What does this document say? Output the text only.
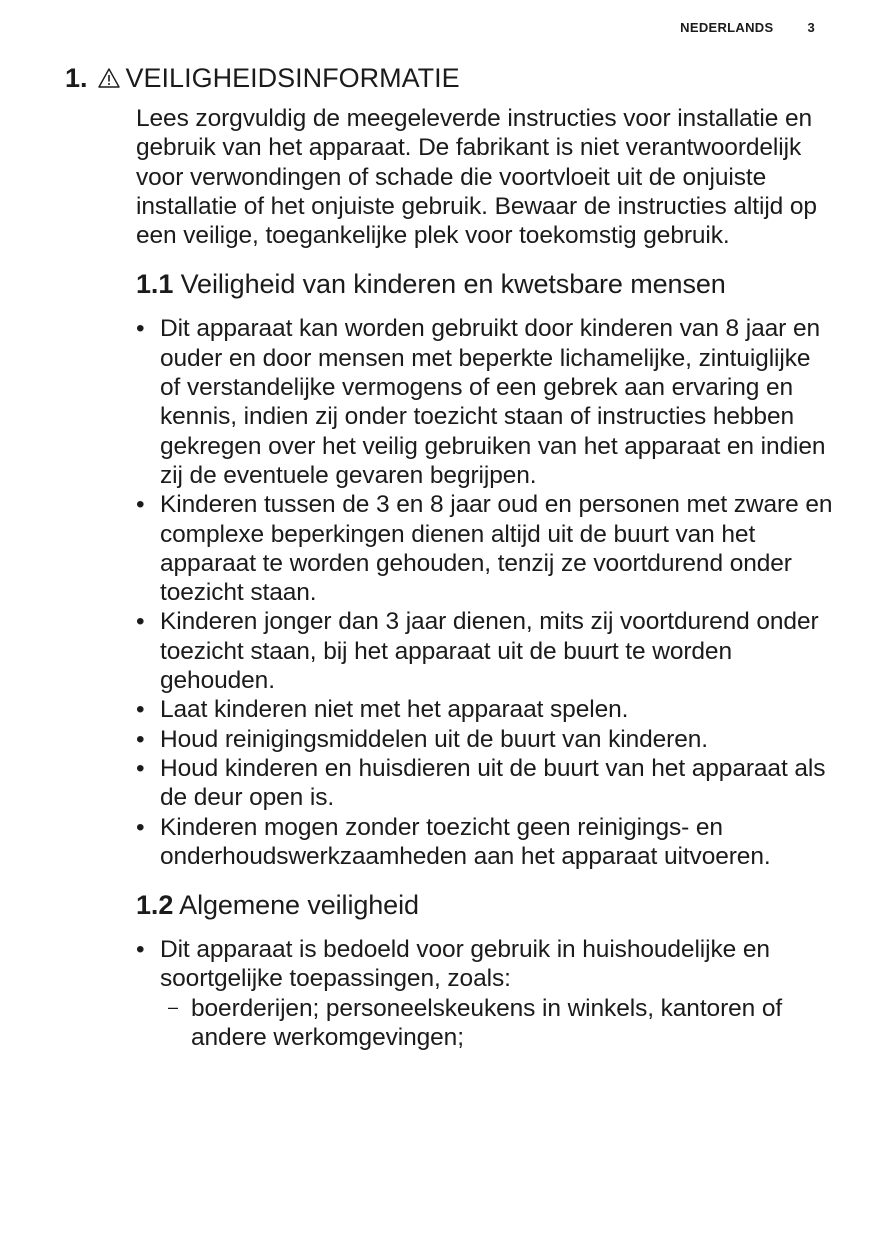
NEDERLANDS	3
1. VEILIGHEIDSINFORMATIE

Lees zorgvuldig de meegeleverde instructies voor installatie en gebruik van het apparaat. De fabrikant is niet verantwoordelijk voor verwondingen of schade die voortvloeit uit de onjuiste installatie of het onjuiste gebruik. Bewaar de instructies altijd op een veilige, toegankelijke plek voor toekomstig gebruik.

1.1 Veiligheid van kinderen en kwetsbare mensen
• Dit apparaat kan worden gebruikt door kinderen van 8 jaar en ouder en door mensen met beperkte lichamelijke, zintuiglijke of verstandelijke vermogens of een gebrek aan ervaring en kennis, indien zij onder toezicht staan of instructies hebben gekregen over het veilig gebruiken van het apparaat en indien zij de eventuele gevaren begrijpen.
• Kinderen tussen de 3 en 8 jaar oud en personen met zware en complexe beperkingen dienen altijd uit de buurt van het apparaat te worden gehouden, tenzij ze voortdurend onder toezicht staan.
• Kinderen jonger dan 3 jaar dienen, mits zij voortdurend onder toezicht staan, bij het apparaat uit de buurt te worden gehouden.
• Laat kinderen niet met het apparaat spelen.
• Houd reinigingsmiddelen uit de buurt van kinderen.
• Houd kinderen en huisdieren uit de buurt van het apparaat als de deur open is.
• Kinderen mogen zonder toezicht geen reinigings- en onderhoudswerkzaamheden aan het apparaat uitvoeren.
1.2 Algemene veiligheid
• Dit apparaat is bedoeld voor gebruik in huishoudelijke en soortgelijke toepassingen, zoals:
– boerderijen; personeelskeukens in winkels, kantoren of andere werkomgevingen;
